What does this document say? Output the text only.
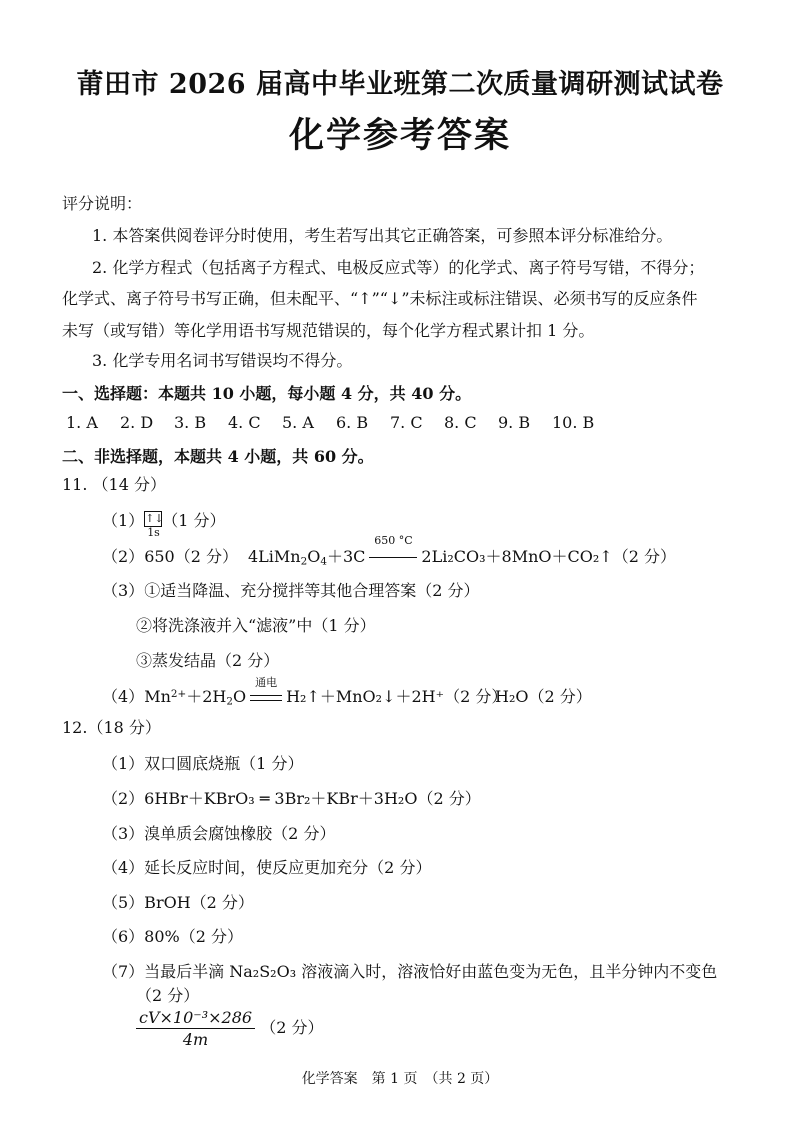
莆田市 2026 届高中毕业班第二次质量调研测试试卷
化学参考答案
评分说明：
1. 本答案供阅卷评分时使用，考生若写出其它正确答案，可参照本评分标准给分。
2. 化学方程式（包括离子方程式、电极反应式等）的化学式、离子符号写错，不得分；
化学式、离子符号书写正确，但未配平、“↑”“↓”未标注或标注错误、必须书写的反应条件
未写（或写错）等化学用语书写规范错误的，每个化学方程式累计扣 1 分。
3. 化学专用名词书写错误均不得分。
一、选择题：本题共 10 小题，每小题 4 分，共 40 分。
1. A 2. D 3. B 4. C 5. A 6. B 7. C 8. C 9. B 10. B
二、非选择题，本题共 4 小题，共 60 分。
11. （14 分）
（1）↑↓
1s
（1 分）
（2）650（2 分） $4LiMn_2O_4+3C$
650 °C
2Li₂CO₃＋8MnO＋CO₂↑（2 分）
（3）①适当降温、充分搅拌等其他合理答案（2 分）
②将洗涤液并入“滤液”中（1 分）
③蒸发结晶（2 分）
$(4)Mn^{2+}+2H_2O$
通电
H₂↑＋MnO₂↓＋2H⁺（2 分）
H₂O（2 分）
12.（18 分）
（1）双口圆底烧瓶（1 分）
（2）6HBr＋KBrO₃ ═ 3Br₂＋KBr＋3H₂O（2 分）
（3）溴单质会腐蚀橡胶（2 分）
（4）延长反应时间，使反应更加充分（2 分）
（5）BrOH（2 分）
（6）80%（2 分）
（7）当最后半滴 Na₂S₂O₃ 溶液滴入时，溶液恰好由蓝色变为无色，且半分钟内不变色
（2 分）
$\frac{\text{cV×10⁻³×286}}{4m} (2$ 分）
化学答案　第 1 页　（共 2 页）
